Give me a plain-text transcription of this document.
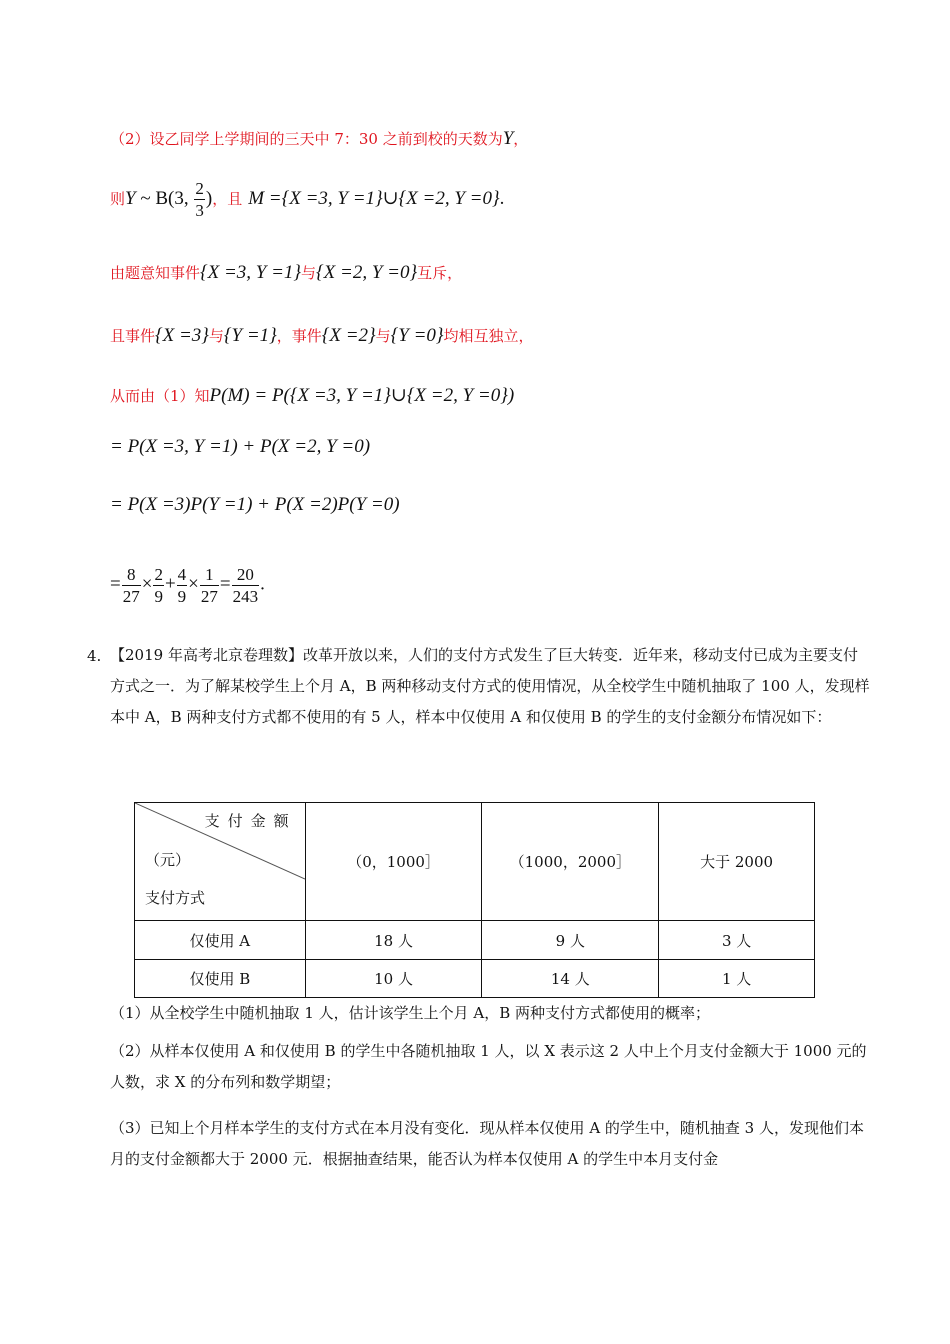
（2）设乙同学上学期间的三天中 7：30 之前到校的天数为Y，
则Y ~ B(3, $\frac{2}{3}$ )，且 M ={X =3, Y =1}∪{X =2, Y =0}.
由题意知事件{X =3, Y =1}与{X =2, Y =0}互斥，
且事件{X =3}与{Y =1}，事件{X =2}与{Y =0}均相互独立，
从而由（1）知P(M) = P({X =3, Y =1}∪{X =2, Y =0})
= P(X =3, Y =1) + P(X =2, Y =0)
= P(X =3)P(Y =1) + P(X =2)P(Y =0)
= $\frac{8}{27} \times \frac{2}{9} + \frac{4}{9} \times \frac{1}{27} = \frac{20}{243}$ .
4. 【2019 年高考北京卷理数】改革开放以来，人们的支付方式发生了巨大转变．近年来，移动支付已成为主要支付方式之一．为了解某校学生上个月 A，B 两种移动支付方式的使用情况，从全校学生中随机抽取了 100 人，发现样本中 A，B 两种支付方式都不使用的有 5 人，样本中仅使用 A 和仅使用 B 的学生的支付金额分布情况如下：
支付金额
（元）
支付方式	（0，1000］	（1000，2000］	大于 2000
仅使用 A	18 人	9 人	3 人
仅使用 B	10 人	14 人	1 人
（1）从全校学生中随机抽取 1 人，估计该学生上个月 A，B 两种支付方式都使用的概率；
（2）从样本仅使用 A 和仅使用 B 的学生中各随机抽取 1 人，以 X 表示这 2 人中上个月支付金额大于 1000 元的人数，求 X 的分布列和数学期望；
（3）已知上个月样本学生的支付方式在本月没有变化．现从样本仅使用 A 的学生中，随机抽查 3 人，发现他们本月的支付金额都大于 2000 元．根据抽查结果，能否认为样本仅使用 A 的学生中本月支付金
